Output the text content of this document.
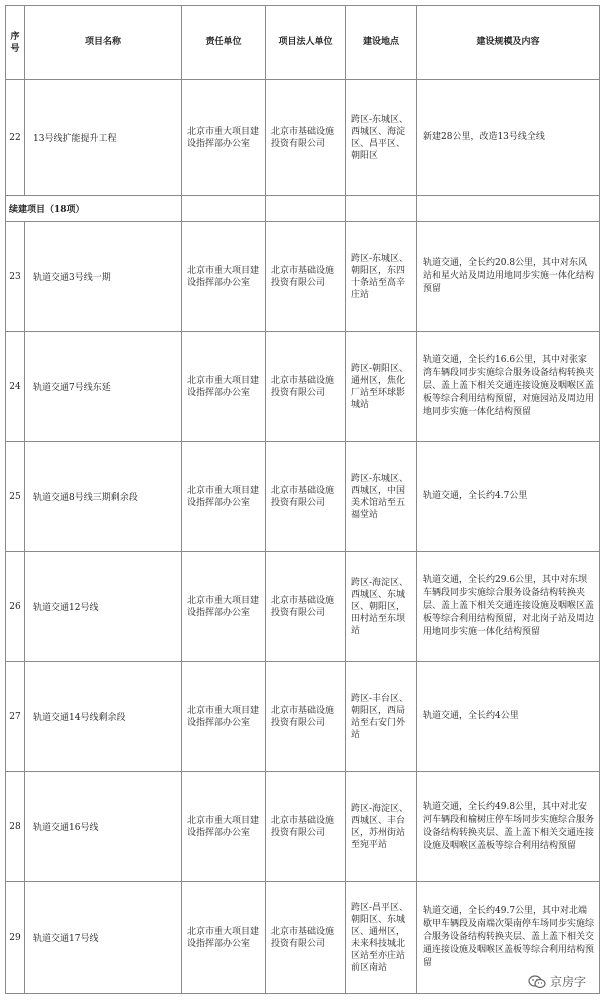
序号	项目名称	责任单位	项目法人单位	建设地点	建设规模及内容
22	13号线扩能提升工程	北京市重大项目建设指挥部办公室	北京市基础设施投资有限公司	跨区-东城区、西城区、海淀区、昌平区、朝阳区	新建28公里，改造13号线全线
续建项目（18项）					
23	轨道交通3号线一期	北京市重大项目建设指挥部办公室	北京市基础设施投资有限公司	跨区-东城区、朝阳区，东四十条站至高辛庄站	轨道交通，全长约20.8公里，其中对东风站和星火站及周边用地同步实施一体化结构预留
24	轨道交通7号线东延	北京市重大项目建设指挥部办公室	北京市基础设施投资有限公司	跨区-朝阳区、通州区，焦化厂站至环球影城站	轨道交通，全长约16.6公里，其中对张家湾车辆段同步实施综合服务设备结构转换夹层、盖上盖下相关交通连接设施及咽喉区盖板等综合利用结构预留，对施园站及周边用地同步实施一体化结构预留
25	轨道交通8号线三期剩余段	北京市重大项目建设指挥部办公室	北京市基础设施投资有限公司	跨区-东城区、西城区，中国美术馆站至五福堂站	轨道交通，全长约4.7公里
26	轨道交通12号线	北京市重大项目建设指挥部办公室	北京市基础设施投资有限公司	跨区-海淀区、西城区、东城区、朝阳区，田村站至东坝站	轨道交通，全长约29.6公里，其中对东坝车辆段同步实施综合服务设备结构转换夹层、盖上盖下相关交通连接设施及咽喉区盖板等综合利用结构预留，对北岗子站及周边用地同步实施一体化结构预留
27	轨道交通14号线剩余段	北京市重大项目建设指挥部办公室	北京市基础设施投资有限公司	跨区-丰台区、朝阳区，西局站至右安门外站	轨道交通，全长约4公里
28	轨道交通16号线	北京市重大项目建设指挥部办公室	北京市基础设施投资有限公司	跨区-海淀区、西城区、丰台区，苏州街站至宛平站	轨道交通，全长约49.8公里，其中对北安河车辆段和榆树庄停车场同步实施综合服务设备结构转换夹层、盖上盖下相关交通连接设施及咽喉区盖板等综合利用结构预留
29	轨道交通17号线	北京市重大项目建设指挥部办公室	北京市基础设施投资有限公司	跨区-昌平区、朝阳区、东城区、通州区，未来科技城北区站至亦庄站前区南站	轨道交通，全长约49.7公里，其中对北端歇甲车辆段及南端次渠南停车场同步实施综合服务设备结构转换夹层、盖上盖下相关交通连接设施及咽喉区盖板等综合利用结构预留
京房字
